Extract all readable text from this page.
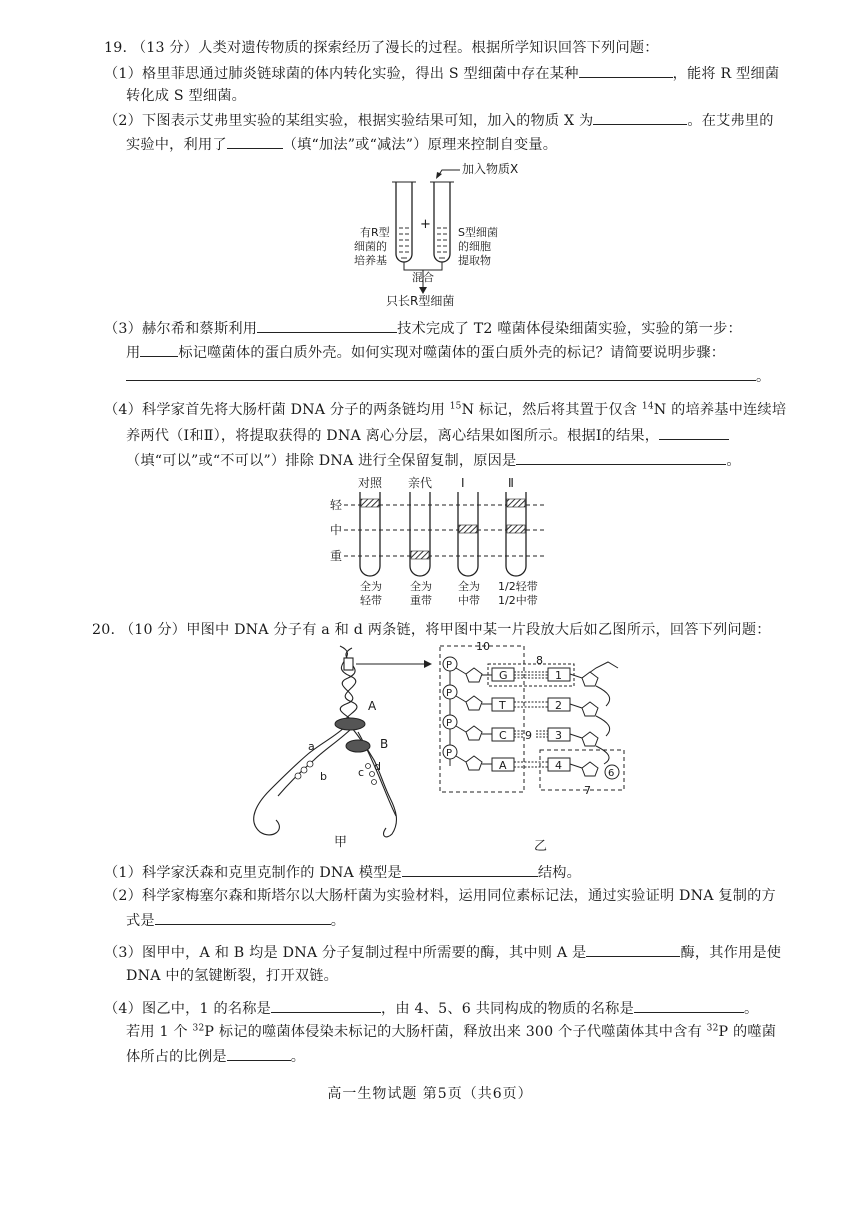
19. （13 分）人类对遗传物质的探索经历了漫长的过程。根据所学知识回答下列问题：
（1）格里菲思通过肺炎链球菌的体内转化实验，得出 S 型细菌中存在某种	，能将 R 型细菌
转化成 S 型细菌。
（2）下图表示艾弗里实验的某组实验，根据实验结果可知，加入的物质 X 为	。在艾弗里的
实验中，利用了	（填“加法”或“减法”）原理来控制自变量。
加入物质X
+
有R型
细菌的
培养基
S型细菌
的细胞
提取物
混合
只长R型细菌
（3）赫尔希和蔡斯利用	技术完成了 T2 噬菌体侵染细菌实验，实验的第一步：
用	标记噬菌体的蛋白质外壳。如何实现对噬菌体的蛋白质外壳的标记？请简要说明步骤：
。
（4）科学家首先将大肠杆菌 DNA 分子的两条链均用 $^{15}$N 标记，然后将其置于仅含 $^{14}$N 的培养基中连续培
养两代（Ⅰ和Ⅱ），将提取获得的 DNA 离心分层，离心结果如图所示。根据Ⅰ的结果，
（填“可以”或“不可以”）排除 DNA 进行全保留复制，原因是	。
对照 亲代 Ⅰ	Ⅱ
轻
中
重
全为
轻带
全为
重带
全为
中带
1/2轻带
1/2中带
20. （10 分）甲图中 DNA 分子有 a 和 d 两条链，将甲图中某一片段放大后如乙图所示，回答下列问题：
A
B
a
b	c d
甲
10
P
G
8
1
P
T	2
P
C 9 3
P
A	4
6
7
乙
（1）科学家沃森和克里克制作的 DNA 模型是	结构。
（2）科学家梅塞尔森和斯塔尔以大肠杆菌为实验材料，运用同位素标记法，通过实验证明 DNA 复制的方
式是	。
（3）图甲中，A 和 B 均是 DNA 分子复制过程中所需要的酶，其中则 A 是	酶，其作用是使
DNA 中的氢键断裂，打开双链。
（4）图乙中，1 的名称是	，由 4、5、6 共同构成的物质的名称是	。
若用 1 个 $^{32}$P 标记的噬菌体侵染未标记的大肠杆菌，释放出来 300 个子代噬菌体其中含有 $^{32}$P 的噬菌
体所占的比例是	。
高一生物试题 第5页（共6页）
